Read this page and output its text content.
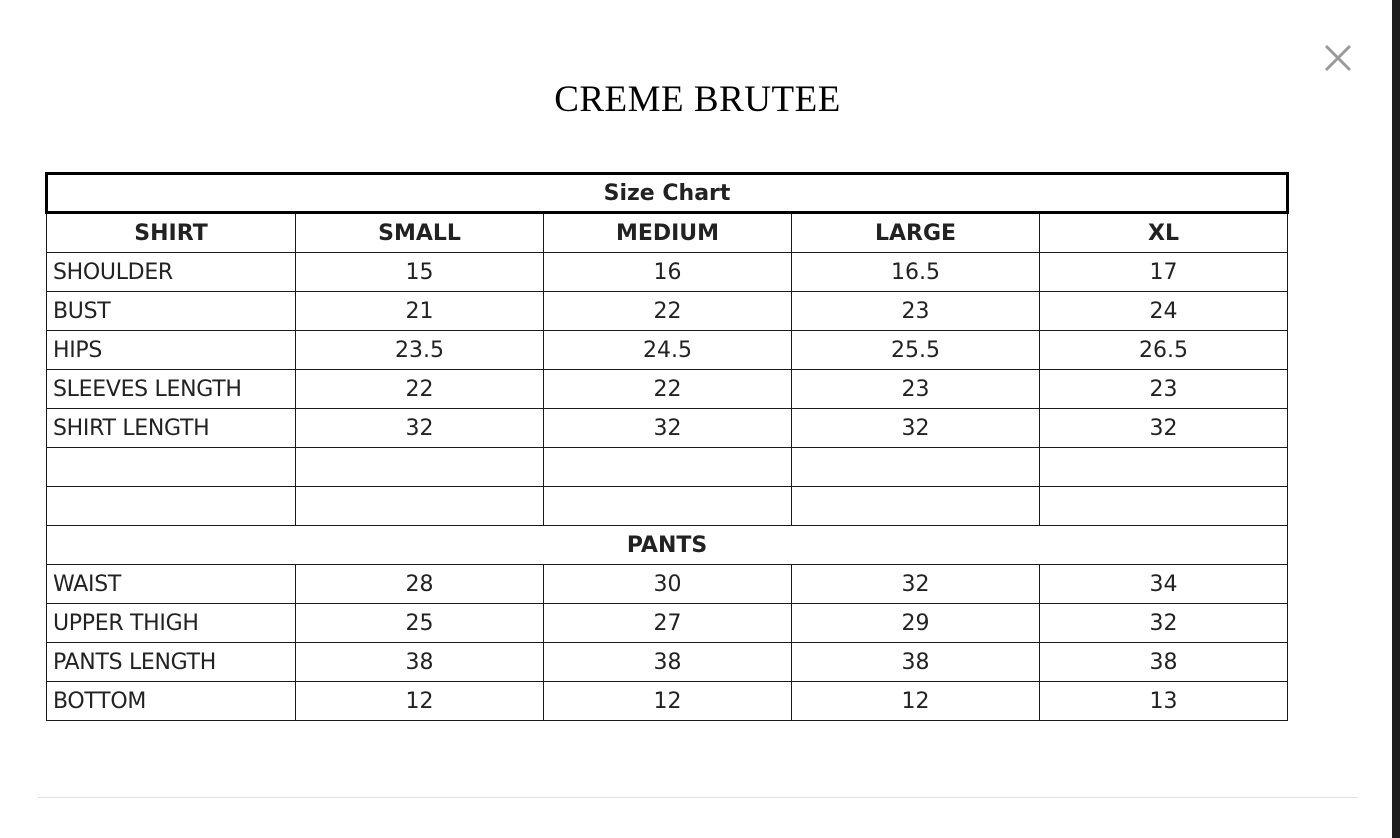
CREME BRUTEE
Size Chart				
SHIRT	SMALL	MEDIUM	LARGE	XL
SHOULDER	15	16	16.5	17
BUST	21	22	23	24
HIPS	23.5	24.5	25.5	26.5
SLEEVES LENGTH	22	22	23	23
SHIRT LENGTH	32	32	32	32

PANTS				
WAIST	28	30	32	34
UPPER THIGH	25	27	29	32
PANTS LENGTH	38	38	38	38
BOTTOM	12	12	12	13
